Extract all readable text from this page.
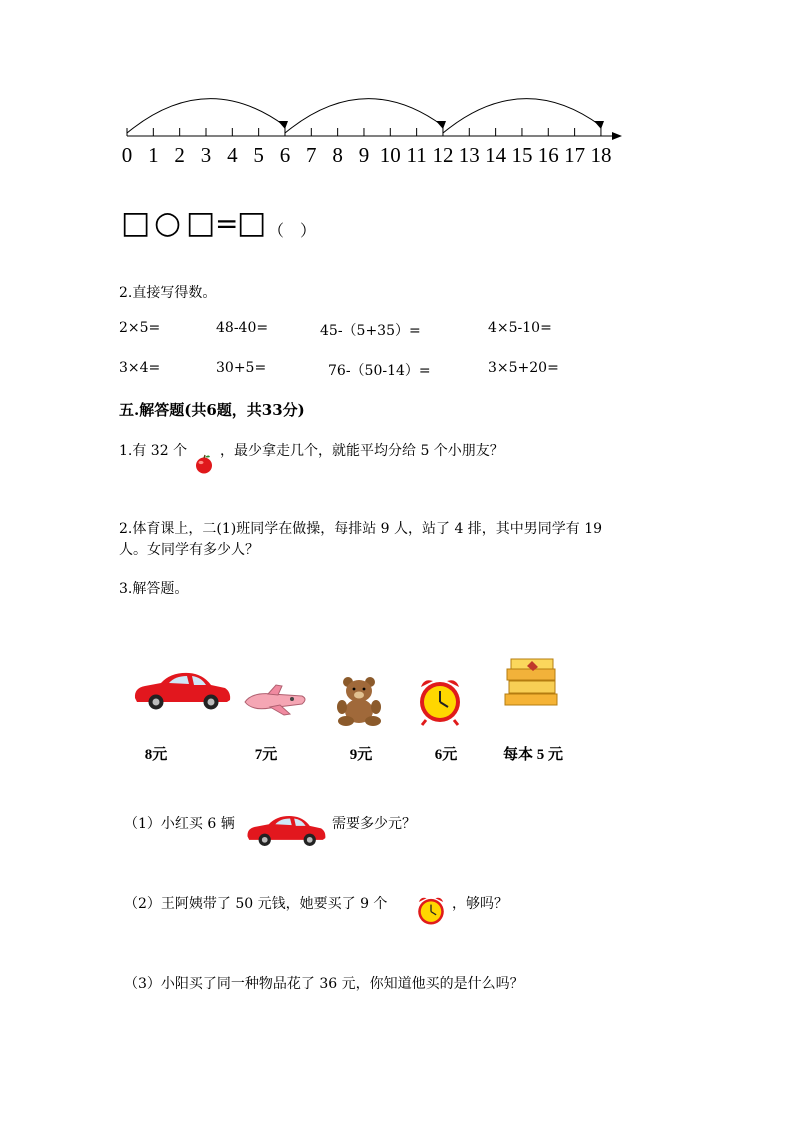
0 1 2 3 4 5 6 7 8 9 10 11 12 13 14 15 16 17 18
□ ○ □ =
□ （　）
2.直接写得数。
2×5=	48-40=	45-（5+35）=	4×5-10=
3×4=	30+5=	76-（50-14）=	3×5+20=
五.解答题(共6题，共33分)
1.有 32 个 ，最少拿走几个，就能平均分给 5 个小朋友？
2.体育课上，二(1)班同学在做操，每排站 9 人，站了 4 排，其中男同学有 19
人。女同学有多少人？
3.解答题。
8元	7元	9元	6元	每本 5 元
（1）小红买 6 辆	需要多少元？
（2）王阿姨带了 50 元钱，她要买了 9 个	，够吗？
（3）小阳买了同一种物品花了 36 元，你知道他买的是什么吗？
